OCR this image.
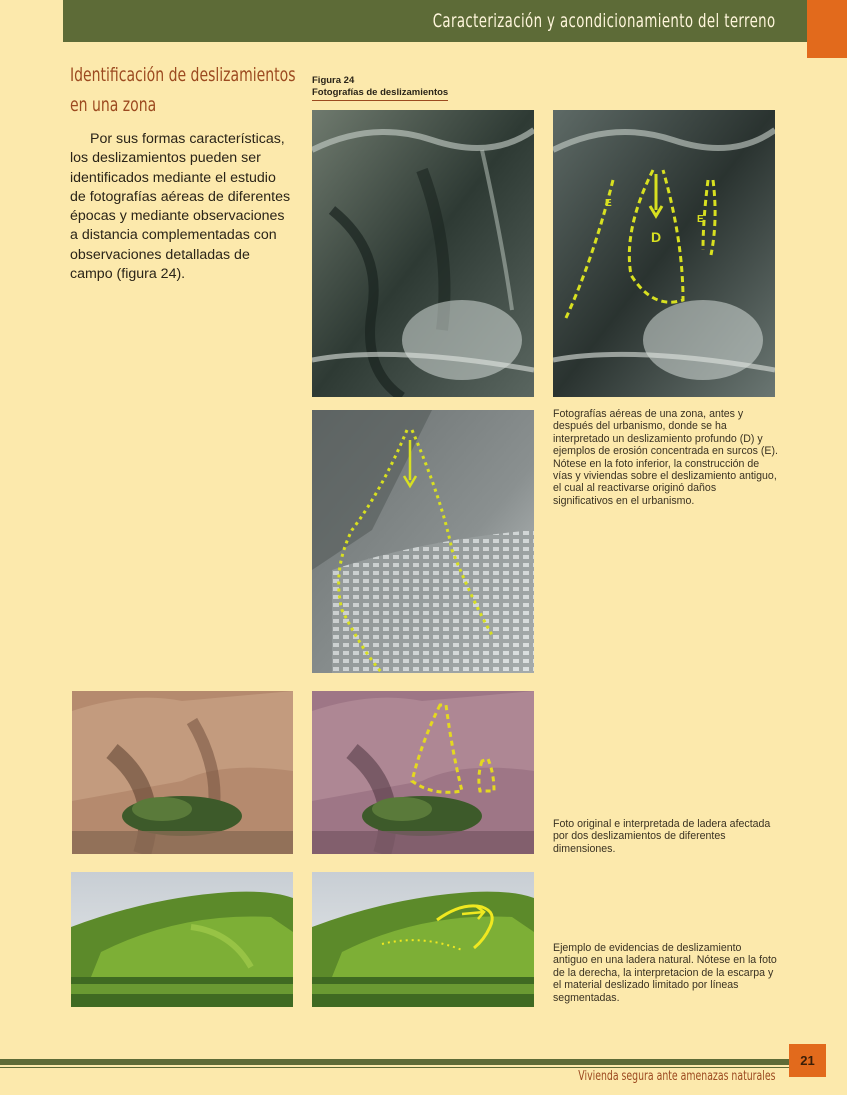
Caracterización y acondicionamiento del terreno
Identificación de deslizamientos en una zona

Por sus formas características, los deslizamientos pueden ser identificados mediante el estudio de fotografías aéreas de diferentes épocas y mediante observaciones a distancia complementadas con observaciones detalladas de campo (figura 24).

Figura 24
Fotografías de deslizamientos
D
E
E
Fotografías aéreas de una zona, antes y después del urbanismo, donde se ha interpretado un deslizamiento profundo (D) y ejemplos de erosión concentrada en surcos (E). Nótese en la foto inferior, la construcción de vías y viviendas sobre el deslizamiento antiguo, el cual al reactivarse originó daños significativos en el urbanismo.
Foto original e interpretada de ladera afectada por dos deslizamientos de diferentes dimensiones.
Ejemplo de evidencias de deslizamiento antiguo en una ladera natural. Nótese en la foto de la derecha, la interpretacion de la escarpa y el material deslizado limitado por líneas segmentadas.
21
Vivienda segura ante amenazas naturales
